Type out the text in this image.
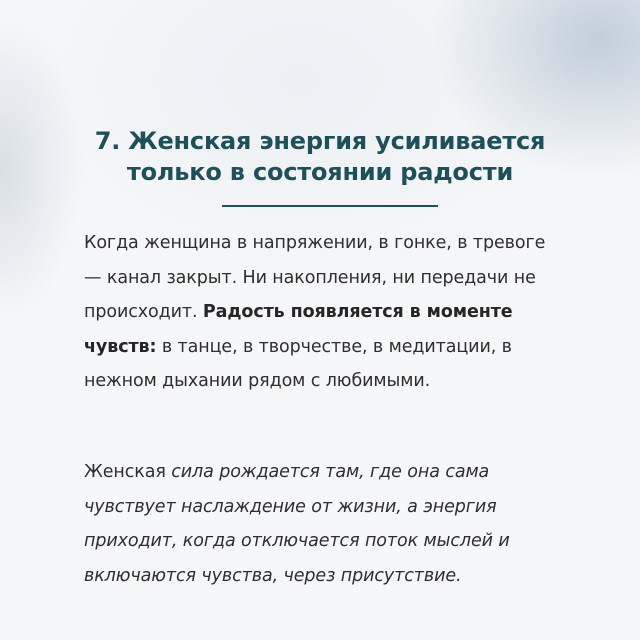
7. Женская энергия усиливается
только в состоянии радости

Когда женщина в напряжении, в гонке, в тревоге — канал закрыт. Ни накопления, ни передачи не происходит. Радость появляется в моменте чувств: в танце, в творчестве, в медитации, в нежном дыхании рядом с любимыми.

Женская сила рождается там, где она сама чувствует наслаждение от жизни, а энергия приходит, когда отключается поток мыслей и включаются чувства, через присутствие.
